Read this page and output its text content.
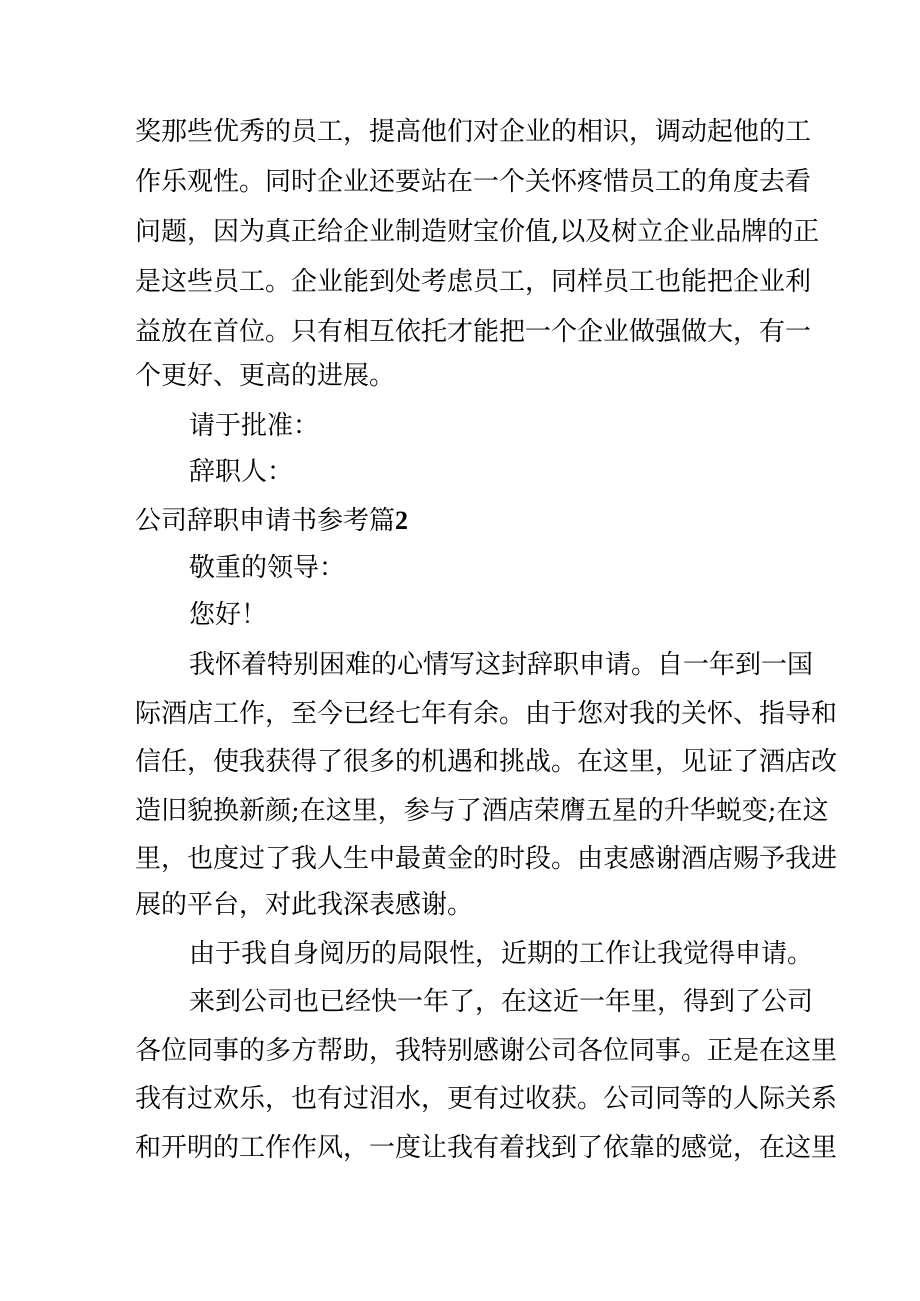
奖那些优秀的员工，提高他们对企业的相识，调动起他的工
作乐观性。同时企业还要站在一个关怀疼惜员工的角度去看
问题，因为真正给企业制造财宝价值,以及树立企业品牌的正
是这些员工。企业能到处考虑员工，同样员工也能把企业利
益放在首位。只有相互依托才能把一个企业做强做大，有一
个更好、更高的进展。
请于批准：
辞职人：
公司辞职申请书参考篇2
敬重的领导：
您好！
我怀着特别困难的心情写这封辞职申请。自一年到一国
际酒店工作，至今已经七年有余。由于您对我的关怀、指导和
信任，使我获得了很多的机遇和挑战。在这里，见证了酒店改
造旧貌换新颜;在这里，参与了酒店荣膺五星的升华蜕变;在这
里，也度过了我人生中最黄金的时段。由衷感谢酒店赐予我进
展的平台，对此我深表感谢。
由于我自身阅历的局限性，近期的工作让我觉得申请。
来到公司也已经快一年了，在这近一年里，得到了公司
各位同事的多方帮助，我特别感谢公司各位同事。正是在这里
我有过欢乐，也有过泪水，更有过收获。公司同等的人际关系
和开明的工作作风，一度让我有着找到了依靠的感觉，在这里
